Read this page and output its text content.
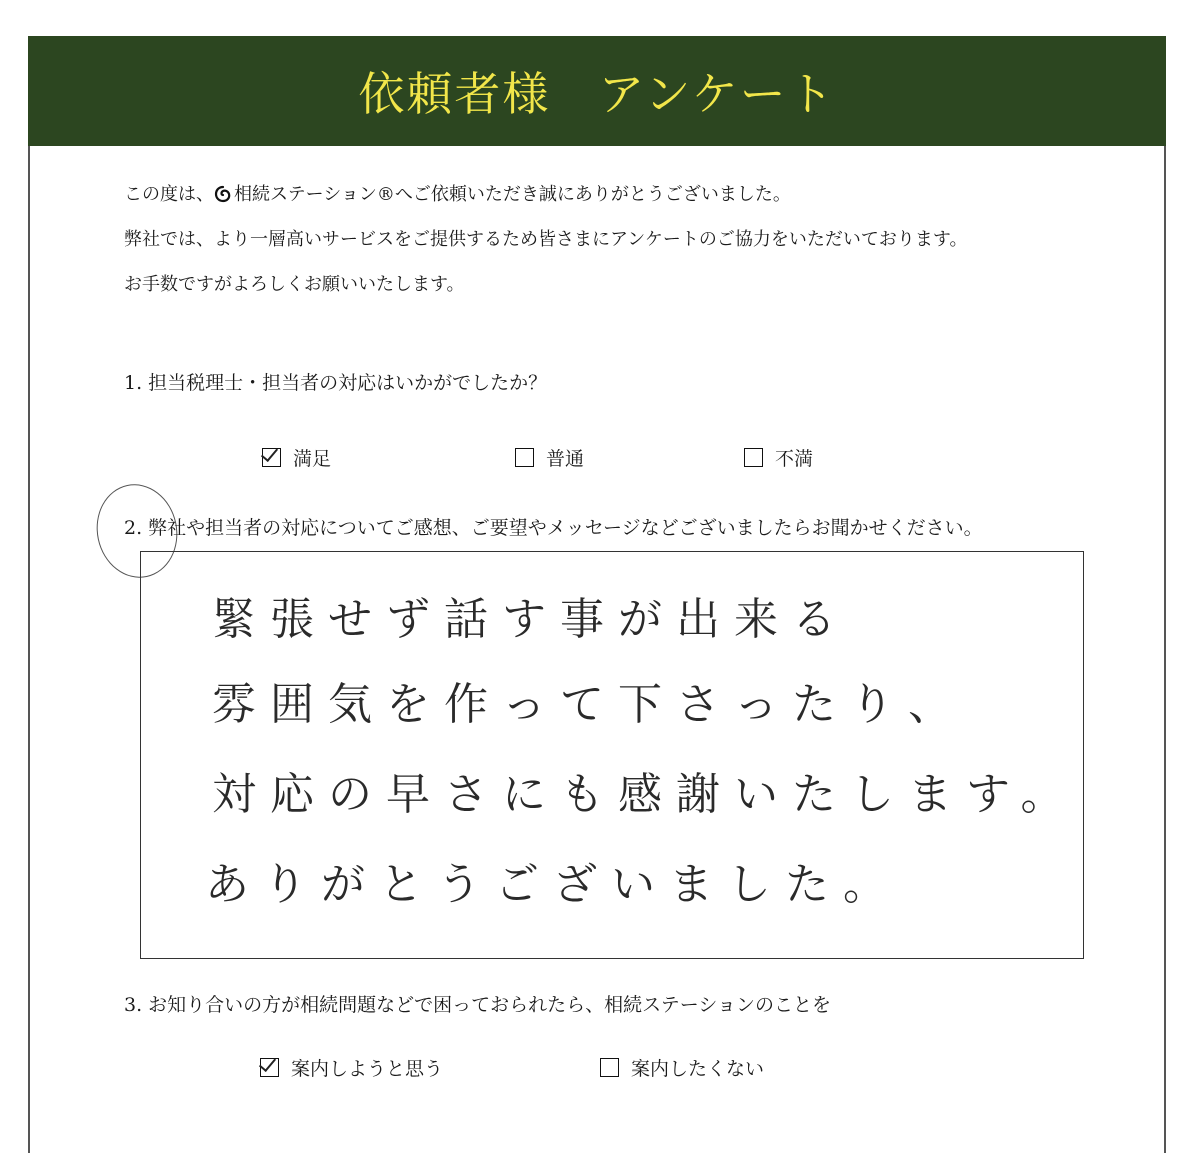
依頼者様　アンケート

この度は、 相続ステーション®へご依頼いただき誠にありがとうございました。

弊社では、より一層高いサービスをご提供するため皆さまにアンケートのご協力をいただいております。

お手数ですがよろしくお願いいたします。

1. 担当税理士・担当者の対応はいかがでしたか？
満足	普通	不満
2. 弊社や担当者の対応についてご感想、ご要望やメッセージなどございましたらお聞かせください。
緊張せず話す事が出来る
雰囲気を作って下さったり、
対応の早さにも感謝いたします。
ありがとうございました。
3. お知り合いの方が相続問題などで困っておられたら、相続ステーションのことを
案内しようと思う	案内したくない
